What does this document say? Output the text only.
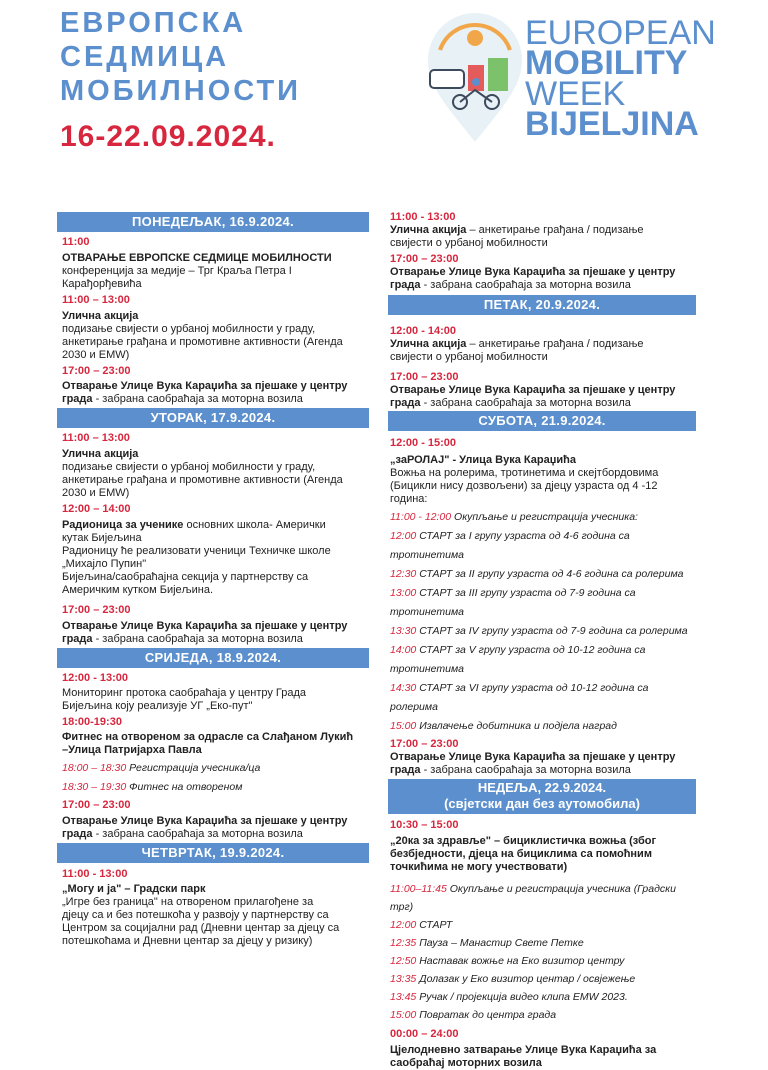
ЕВРОПСКА
СЕДМИЦА
МОБИЛНОСТИ
16-22.09.2024.
EUROPEAN
MOBILITY
WEEK
BIJELJINA
ПОНЕДЕЉАК, 16.9.2024.
11:00
ОТВАРАЊЕ ЕВРОПСКЕ СЕДМИЦЕ МОБИЛНОСТИ
конференција за медије – Трг Краља Петра I
Карађорђевића
11:00 – 13:00
Улична акција
подизање свијести о урбаној мобилности у граду,
анкетирање грађана и промотивне активности (Агенда
2030 и EMW)
17:00 – 23:00
Отварање Улице Вука Караџића за пјешаке у центру
града - забрана саобраћаја за моторна возила
УТОРАК, 17.9.2024.
11:00 – 13:00
Улична акција
подизање свијести о урбаној мобилности у граду,
анкетирање грађана и промотивне активности (Агенда
2030 и EMW)
12:00 – 14:00
Радионица за ученике основних школа- Амерички
кутак Бијељина
Радионицу ће реализовати ученици Техничке школе
„Михајло Пупин"
Бијељина/саобраћајна секција у партнерству са
Америчким кутком Бијељина.
17:00 – 23:00
Отварање Улице Вука Караџића за пјешаке у центру
града - забрана саобраћаја за моторна возила
СРИЈЕДА, 18.9.2024.
12:00 - 13:00
Мониторинг протока саобраћаја у центру Града
Бијељина коју реализује УГ „Еко-пут"
18:00-19:30
Фитнес на отвореном за одрасле са Слађаном Лукић
–Улица Патријарха Павла
18:00 – 18:30 Регистрација учесника/ца
18:30 – 19:30 Фитнес на отвореном
17:00 – 23:00
Отварање Улице Вука Караџића за пјешаке у центру
града - забрана саобраћаја за моторна возила
ЧЕТВРТАК, 19.9.2024.
11:00 - 13:00
„Могу и ја" – Градски парк
„Игре без граница" на отвореном прилагођене за
дјецу са и без потешкоћа у развоју у партнерству са
Центром за социјални рад (Дневни центар за дјецу са
потешкоћама и Дневни центар за дјецу у ризику)
11:00 - 13:00
Улична акција – анкетирање грађана / подизање
свијести о урбаној мобилности
17:00 – 23:00
Отварање Улице Вука Караџића за пјешаке у центру
града - забрана саобраћаја за моторна возила
ПЕТАК, 20.9.2024.
12:00 - 14:00
Улична акција – анкетирање грађана / подизање
свијести о урбаној мобилности
17:00 – 23:00
Отварање Улице Вука Караџића за пјешаке у центру
града - забрана саобраћаја за моторна возила
СУБОТА, 21.9.2024.
12:00 - 15:00
„заРОЛАЈ" - Улица Вука Караџића
Вожња на ролерима, тротинетима и скејтбордовима
(Бицикли нису дозвољени) за дјецу узраста од 4 -12 година:
11:00 - 12:00 Окупљање и регистрација учесника:
12:00 СТАРТ за I групу узраста од 4-6 година са тротинетима
12:30 СТАРТ за II групу узраста од 4-6 година са ролерима
13:00 СТАРТ за III групу узраста од 7-9 година са тротинетима
13:30 СТАРТ за IV групу узраста од 7-9 година са ролерима
14:00 СТАРТ за V групу узраста од 10-12 година са тротинетима
14:30 СТАРТ за VI групу узраста од 10-12 година са ролерима
15:00 Извлачење добитника и подјела наград
17:00 – 23:00
Отварање Улице Вука Караџића за пјешаке у центру
града - забрана саобраћаја за моторна возила
НЕДЕЉА, 22.9.2024.
(свјетски дан без аутомобила)
10:30 – 15:00
„20ка за здравље" – бициклистичка вожња (због
безбједности, дјеца на бициклима са помоћним
точкићима не могу учествовати)
11:00–11:45 Окупљање и регистрација учесника (Градски трг)
12:00 СТАРТ
12:35 Пауза – Манастир Свете Петке
12:50 Наставак вожње на Еко визитор центру
13:35 Долазак у Еко визитор центар / освјежење
13:45 Ручак / пројекција видео клипа EMW 2023.
15:00 Повратак до центра града
00:00 – 24:00
Цјелодневно затварање Улице Вука Караџића за
саобраћај моторних возила
